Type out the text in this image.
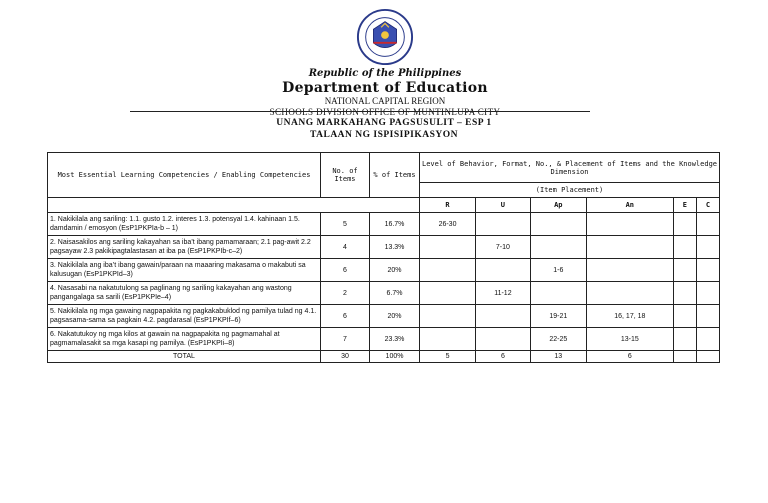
Republic of the Philippines
Department of Education
NATIONAL CAPITAL REGION
SCHOOLS DIVISION OFFICE OF MUNTINLUPA CITY
UNANG MARKAHANG PAGSUSULIT – ESP 1
TALAAN NG ISPISIPIKASYON
Most Essential Learning Competencies / Enabling Competencies	No. of Items	% of Items	Level of Behavior, Format, No., & Placement of Items and the Knowledge Dimension					
			(Item Placement)					
			R	U	Ap	An	E	C
1. Nakikilala ang sariling: 1.1. gusto 1.2. interes 1.3. potensyal 1.4. kahinaan 1.5. damdamin / emosyon (EsP1PKPIa-b – 1)	5	16.7%	26-30					
2. Naisasakilos ang sariling kakayahan sa iba’t ibang pamamaraan; 2.1 pag-awit 2.2 pagsayaw 2.3 pakikipagtalastasan at iba pa (EsP1PKPIb-c–2)	4	13.3%		7-10				
3. Nakikilala ang iba’t ibang gawain/paraan na maaaring makasama o makabuti sa kalusugan (EsP1PKPId–3)	6	20%			1-6			
4. Nasasabi na nakatutulong sa paglinang ng sariling kakayahan ang wastong pangangalaga sa sarili (EsP1PKPIe–4)	2	6.7%		11-12				
5. Nakikilala ng mga gawaing nagpapakita ng pagkakabuklod ng pamilya tulad ng 4.1. pagsasama-sama sa pagkain 4.2. pagdarasal (EsP1PKPIf–6)	6	20%			19-21	16, 17, 18		
6. Nakatutukoy ng mga kilos at gawain na nagpapakita ng pagmamahal at pagmamalasakit sa mga kasapi ng pamilya. (EsP1PKPIi–8)	7	23.3%			22-25	13-15		
TOTAL	30	100%	5	6	13	6		
